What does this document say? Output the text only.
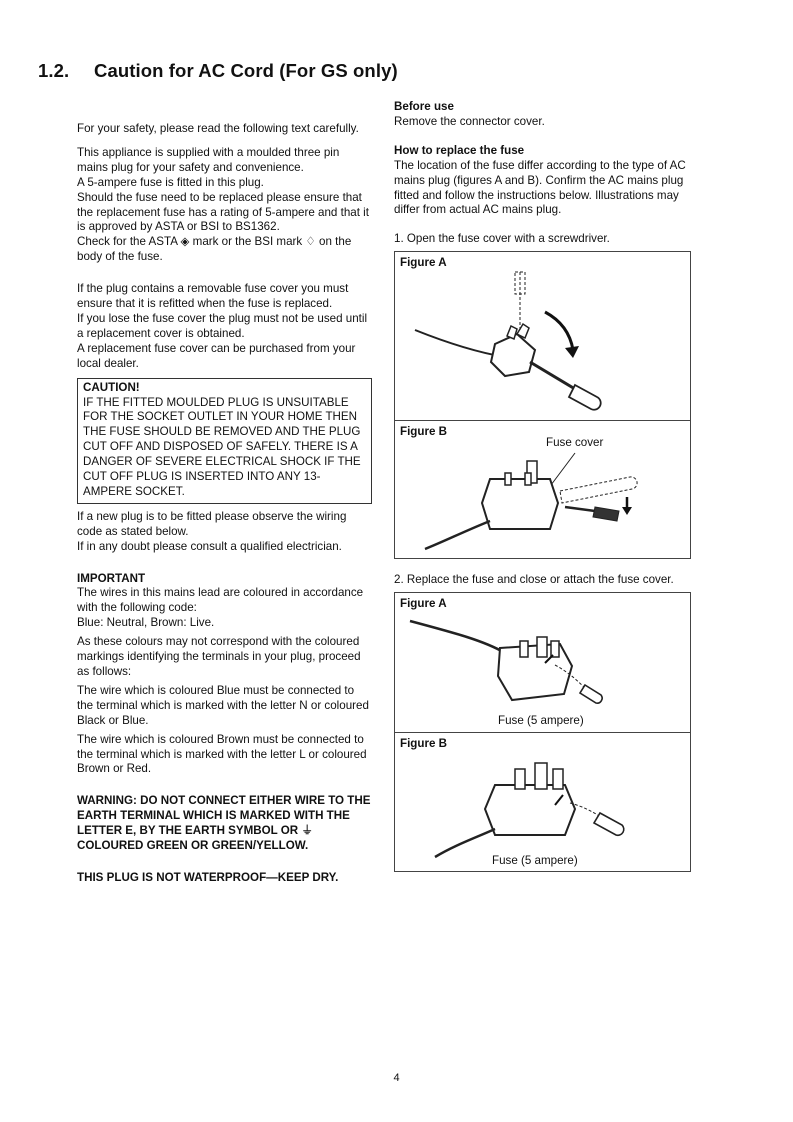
1.2. Caution for AC Cord (For GS only)

For your safety, please read the following text carefully.

This appliance is supplied with a moulded three pin mains plug for your safety and convenience.

A 5-ampere fuse is fitted in this plug.

Should the fuse need to be replaced please ensure that the replacement fuse has a rating of 5-ampere and that it is approved by ASTA or BSI to BS1362.

Check for the ASTA ◈ mark or the BSI mark ♢ on the body of the fuse.

If the plug contains a removable fuse cover you must ensure that it is refitted when the fuse is replaced.

If you lose the fuse cover the plug must not be used until a replacement cover is obtained.

A replacement fuse cover can be purchased from your local dealer.

CAUTION!

IF THE FITTED MOULDED PLUG IS UNSUITABLE FOR THE SOCKET OUTLET IN YOUR HOME THEN THE FUSE SHOULD BE REMOVED AND THE PLUG CUT OFF AND DISPOSED OF SAFELY. THERE IS A DANGER OF SEVERE ELECTRICAL SHOCK IF THE CUT OFF PLUG IS INSERTED INTO ANY 13-AMPERE SOCKET.

If a new plug is to be fitted please observe the wiring code as stated below.

If in any doubt please consult a qualified electrician.

IMPORTANT

The wires in this mains lead are coloured in accordance with the following code:

Blue: Neutral, Brown: Live.

As these colours may not correspond with the coloured markings identifying the terminals in your plug, proceed as follows:

The wire which is coloured Blue must be connected to the terminal which is marked with the letter N or coloured Black or Blue.

The wire which is coloured Brown must be connected to the terminal which is marked with the letter L or coloured Brown or Red.

WARNING: DO NOT CONNECT EITHER WIRE TO THE EARTH TERMINAL WHICH IS MARKED WITH THE LETTER E, BY THE EARTH SYMBOL OR ⏚ COLOURED GREEN OR GREEN/YELLOW.

THIS PLUG IS NOT WATERPROOF—KEEP DRY.

Before use

Remove the connector cover.

How to replace the fuse

The location of the fuse differ according to the type of AC mains plug (figures A and B). Confirm the AC mains plug fitted and follow the instructions below. Illustrations may differ from actual AC mains plug.

1. Open the fuse cover with a screwdriver.

Figure A
Figure B
Fuse cover

2. Replace the fuse and close or attach the fuse cover.

Figure A
Fuse (5 ampere)
Figure B
Fuse (5 ampere)
4
